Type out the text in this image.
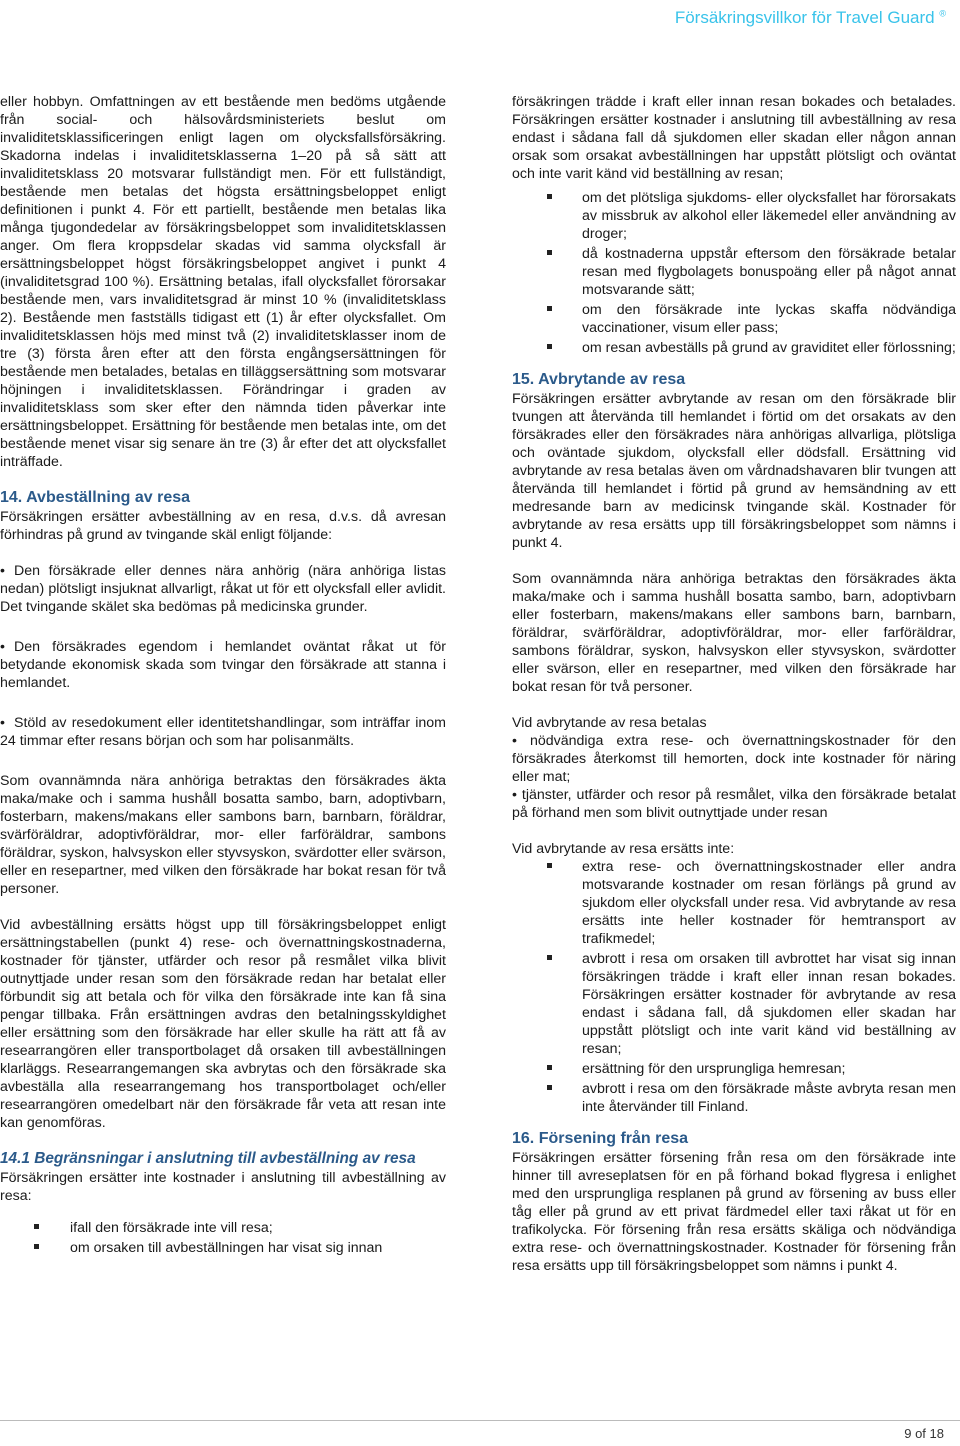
Försäkringsvillkor för Travel Guard ®

eller hobbyn. Omfattningen av ett bestående men bedöms utgående från social- och hälsovårdsministeriets beslut om invaliditetsklassificeringen enligt lagen om olycksfallsförsäkring. Skadorna indelas i invaliditetsklasserna 1–20 på så sätt att invaliditetsklass 20 motsvarar fullständigt men. För ett fullständigt, bestående men betalas det högsta ersättningsbeloppet enligt definitionen i punkt 4. För ett partiellt, bestående men betalas lika många tjugondedelar av försäkringsbeloppet som invaliditetsklassen anger. Om flera kroppsdelar skadas vid samma olycksfall är ersättningsbeloppet högst försäkringsbeloppet angivet i punkt 4 (invaliditetsgrad 100 %). Ersättning betalas, ifall olycksfallet förorsakar bestående men, vars invaliditetsgrad är minst 10 % (invaliditetsklass 2). Bestående men fastställs tidigast ett (1) år efter olycksfallet. Om invaliditetsklassen höjs med minst två (2) invaliditetsklasser inom de tre (3) första åren efter att den första engångsersättningen för bestående men betalades, betalas en tilläggsersättning som motsvarar höjningen i invaliditetsklassen. Förändringar i graden av invaliditetsklass som sker efter den nämnda tiden påverkar inte ersättningsbeloppet. Ersättning för bestående men betalas inte, om det bestående menet visar sig senare än tre (3) år efter det att olycksfallet inträffade.

14. Avbeställning av resa

Försäkringen ersätter avbeställning av en resa, d.v.s. då avresan förhindras på grund av tvingande skäl enligt följande:

• Den försäkrade eller dennes nära anhörig (nära anhöriga listas nedan) plötsligt insjuknat allvarligt, råkat ut för ett olycksfall eller avlidit. Det tvingande skälet ska bedömas på medicinska grunder.
• Den försäkrades egendom i hemlandet oväntat råkat ut för betydande ekonomisk skada som tvingar den försäkrade att stanna i hemlandet.
• Stöld av resedokument eller identitetshandlingar, som inträffar inom 24 timmar efter resans början och som har polisanmälts.

Som ovannämnda nära anhöriga betraktas den försäkrades äkta maka/make och i samma hushåll bosatta sambo, barn, adoptivbarn, fosterbarn, makens/makans eller sambons barn, barnbarn, föräldrar, svärföräldrar, adoptivföräldrar, mor- eller farföräldrar, sambons föräldrar, syskon, halvsyskon eller styvsyskon, svärdotter eller svärson, eller en resepartner, med vilken den försäkrade har bokat resan för två personer.

Vid avbeställning ersätts högst upp till försäkringsbeloppet enligt ersättningstabellen (punkt 4) rese- och övernattningskostnaderna, kostnader för tjänster, utfärder och resor på resmålet vilka blivit outnyttjade under resan som den försäkrade redan har betalat eller förbundit sig att betala och för vilka den försäkrade inte kan få sina pengar tillbaka. Från ersättningen avdras den betalningsskyldighet eller ersättning som den försäkrade har eller skulle ha rätt att få av researrangören eller transportbolaget då orsaken till avbeställningen klarläggs. Researrangemangen ska avbrytas och den försäkrade ska avbeställa alla researrangemang hos transportbolaget och/eller researrangören omedelbart när den försäkrade får veta att resan inte kan genomföras.

14.1 Begränsningar i anslutning till avbeställning av resa

Försäkringen ersätter inte kostnader i anslutning till avbeställning av resa:

ifall den försäkrade inte vill resa;
om orsaken till avbeställningen har visat sig innan

försäkringen trädde i kraft eller innan resan bokades och betalades. Försäkringen ersätter kostnader i anslutning till avbeställning av resa endast i sådana fall då sjukdomen eller skadan eller någon annan orsak som orsakat avbeställningen har uppstått plötsligt och oväntat och inte varit känd vid beställning av resan;

om det plötsliga sjukdoms- eller olycksfallet har förorsakats av missbruk av alkohol eller läkemedel eller användning av droger;
då kostnaderna uppstår eftersom den försäkrade betalar resan med flygbolagets bonuspoäng eller på något annat motsvarande sätt;
om den försäkrade inte lyckas skaffa nödvändiga vaccinationer, visum eller pass;
om resan avbeställs på grund av graviditet eller förlossning;
15. Avbrytande av resa

Försäkringen ersätter avbrytande av resan om den försäkrade blir tvungen att återvända till hemlandet i förtid om det orsakats av den försäkrades eller den försäkrades nära anhörigas allvarliga, plötsliga och oväntade sjukdom, olycksfall eller dödsfall. Ersättning vid avbrytande av resa betalas även om vårdnadshavaren blir tvungen att återvända till hemlandet i förtid på grund av hemsändning av ett medresande barn av medicinsk tvingande skäl. Kostnader för avbrytande av resa ersätts upp till försäkringsbeloppet som nämns i punkt 4.

Som ovannämnda nära anhöriga betraktas den försäkrades äkta maka/make och i samma hushåll bosatta sambo, barn, adoptivbarn eller fosterbarn, makens/makans eller sambons barn, barnbarn, föräldrar, svärföräldrar, adoptivföräldrar, mor- eller farföräldrar, sambons föräldrar, syskon, halvsyskon eller styvsyskon, svärdotter eller svärson, eller en resepartner, med vilken den försäkrade har bokat resan för två personer.

Vid avbrytande av resa betalas

• nödvändiga extra rese- och övernattningskostnader för den försäkrades återkomst till hemorten, dock inte kostnader för näring eller mat;
• tjänster, utfärder och resor på resmålet, vilka den försäkrade betalat på förhand men som blivit outnyttjade under resan

Vid avbrytande av resa ersätts inte:

extra rese- och övernattningskostnader eller andra motsvarande kostnader om resan förlängs på grund av sjukdom eller olycksfall under resa. Vid avbrytande av resa ersätts inte heller kostnader för hemtransport av trafikmedel;
avbrott i resa om orsaken till avbrottet har visat sig innan försäkringen trädde i kraft eller innan resan bokades. Försäkringen ersätter kostnader för avbrytande av resa endast i sådana fall, då sjukdomen eller skadan har uppstått plötsligt och inte varit känd vid beställning av resan;
ersättning för den ursprungliga hemresan;
avbrott i resa om den försäkrade måste avbryta resan men inte återvänder till Finland.
16. Försening från resa

Försäkringen ersätter försening från resa om den försäkrade inte hinner till avreseplatsen för en på förhand bokad flygresa i enlighet med den ursprungliga resplanen på grund av försening av buss eller tåg eller på grund av ett privat färdmedel eller taxi råkat ut för en trafikolycka. För försening från resa ersätts skäliga och nödvändiga extra rese- och övernattningskostnader. Kostnader för försening från resa ersätts upp till försäkringsbeloppet som nämns i punkt 4.

9 of 18
